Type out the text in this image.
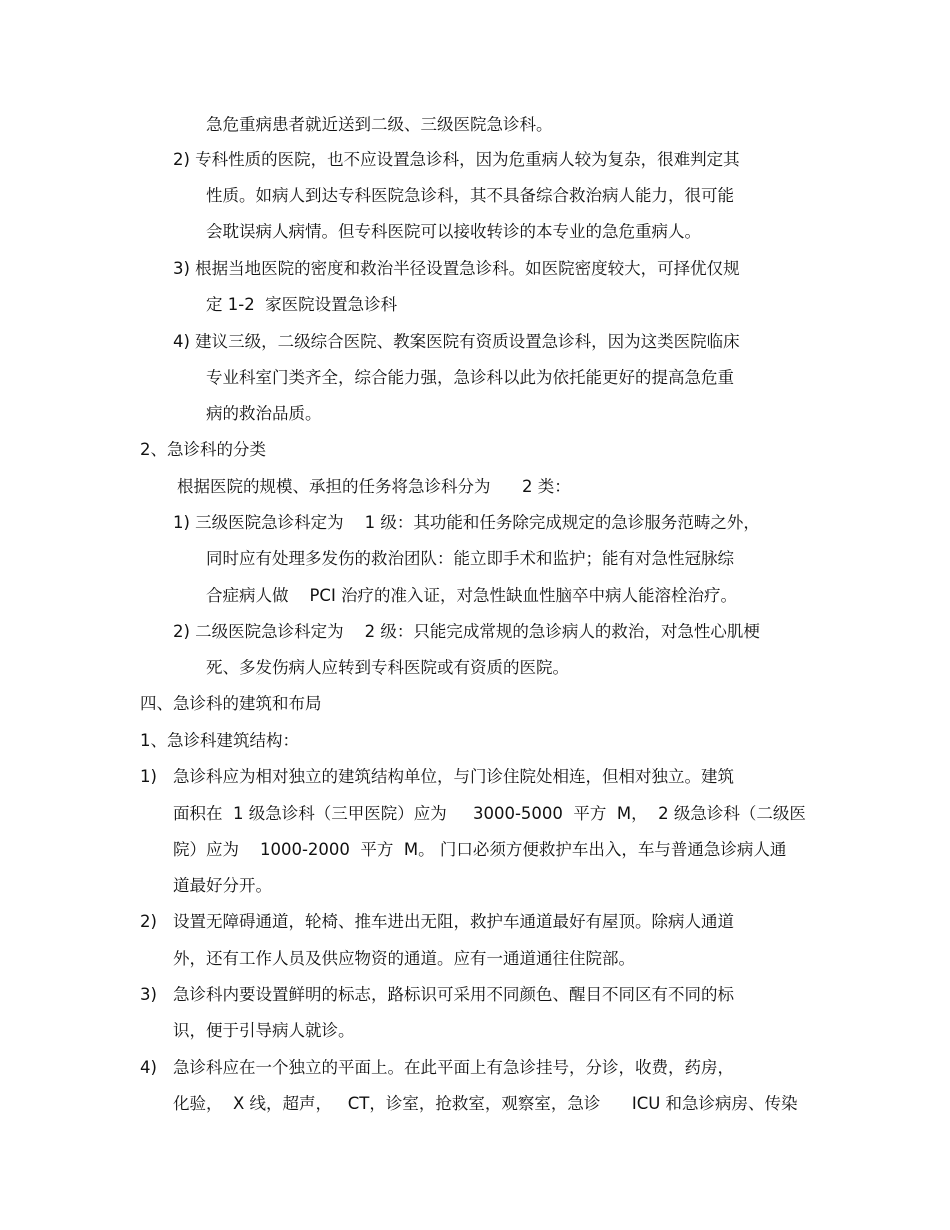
急危重病患者就近送到二级、三级医院急诊科。
2) 专科性质的医院，也不应设置急诊科，因为危重病人较为复杂，很难判定其
性质。如病人到达专科医院急诊科，其不具备综合救治病人能力，很可能
会耽误病人病情。但专科医院可以接收转诊的本专业的急危重病人。
3) 根据当地医院的密度和救治半径设置急诊科。如医院密度较大，可择优仅规
定 1-2  家医院设置急诊科
4) 建议三级，二级综合医院、教案医院有资质设置急诊科，因为这类医院临床
专业科室门类齐全，综合能力强，急诊科以此为依托能更好的提高急危重
病的救治品质。
2、急诊科的分类
根据医院的规模、承担的任务将急诊科分为      2 类：
1) 三级医院急诊科定为    1 级：其功能和任务除完成规定的急诊服务范畴之外，
同时应有处理多发伤的救治团队：能立即手术和监护；能有对急性冠脉综
合症病人做    PCI 治疗的准入证，对急性缺血性脑卒中病人能溶栓治疗。
2) 二级医院急诊科定为    2 级：只能完成常规的急诊病人的救治，对急性心肌梗
死、多发伤病人应转到专科医院或有资质的医院。
四、急诊科的建筑和布局
1、急诊科建筑结构：
1) 急诊科应为相对独立的建筑结构单位，与门诊住院处相连，但相对独立。建筑
面积在  1 级急诊科（三甲医院）应为     3000-5000  平方  M，  2 级急诊科（二级医
院）应为    1000-2000  平方  M。 门口必须方便救护车出入，车与普通急诊病人通
道最好分开。
2) 设置无障碍通道，轮椅、推车进出无阻，救护车通道最好有屋顶。除病人通道
外，还有工作人员及供应物资的通道。应有一通道通往住院部。
3) 急诊科内要设置鲜明的标志，路标识可采用不同颜色、醒目不同区有不同的标
识，便于引导病人就诊。
4) 急诊科应在一个独立的平面上。在此平面上有急诊挂号，分诊，收费，药房，
化验，  X 线，超声，   CT，诊室，抢救室，观察室，急诊      ICU 和急诊病房、传染
